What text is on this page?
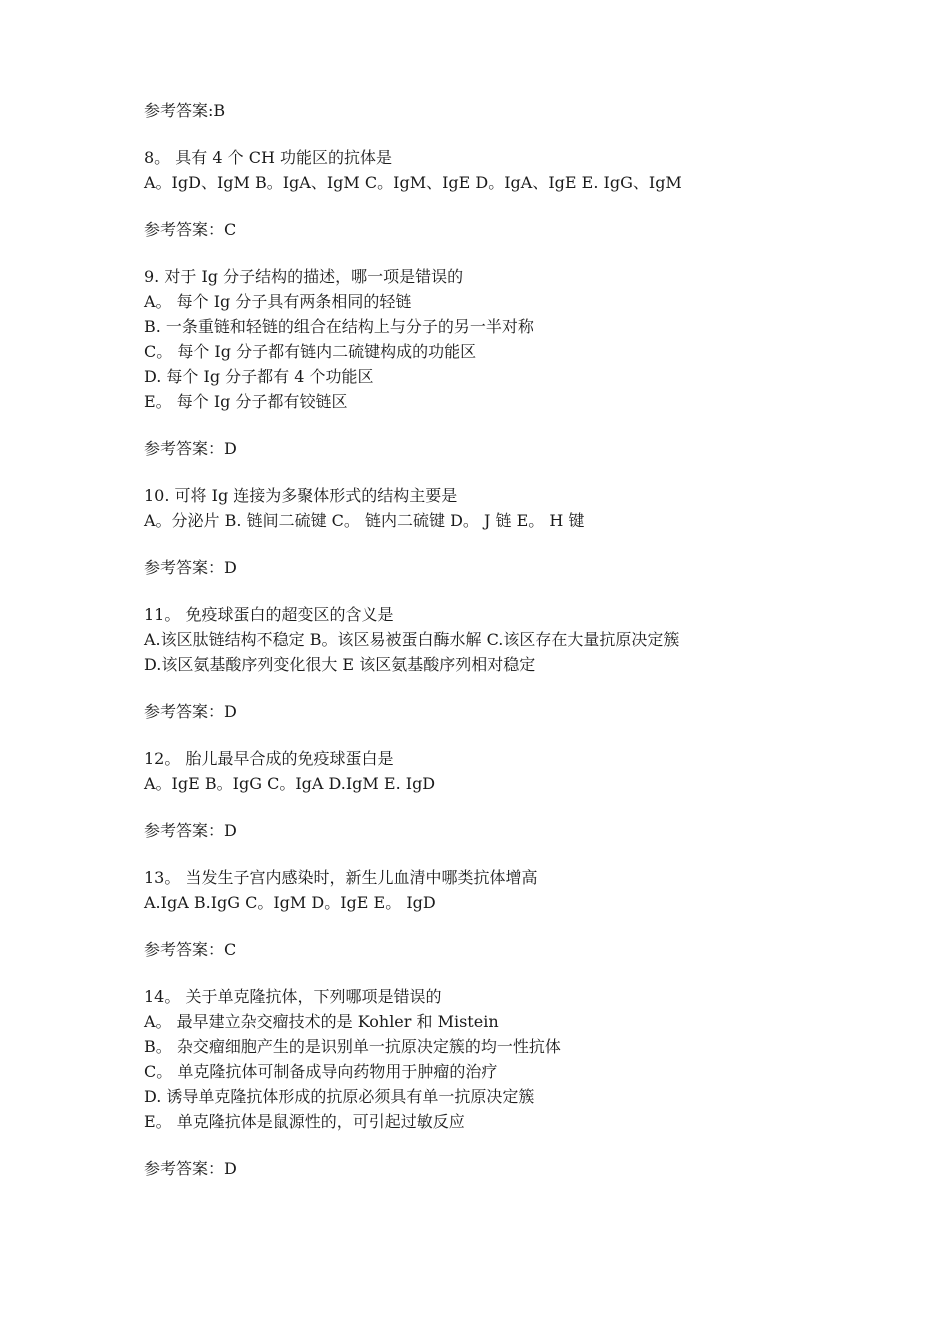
参考答案:B
8。 具有 4 个 CH 功能区的抗体是
A。IgD、IgM B。IgA、IgM C。IgM、IgE D。IgA、IgE E. IgG、IgM
参考答案：C
9. 对于 Ig 分子结构的描述，哪一项是错误的
A。 每个 Ig 分子具有两条相同的轻链
B. 一条重链和轻链的组合在结构上与分子的另一半对称
C。 每个 Ig 分子都有链内二硫键构成的功能区
D. 每个 Ig 分子都有 4 个功能区
E。 每个 Ig 分子都有铰链区
参考答案：D
10. 可将 Ig 连接为多聚体形式的结构主要是
A。分泌片 B. 链间二硫键 C。 链内二硫键 D。 J 链 E。 H 键
参考答案：D
11。 免疫球蛋白的超变区的含义是
A.该区肽链结构不稳定 B。该区易被蛋白酶水解 C.该区存在大量抗原决定簇
D.该区氨基酸序列变化很大 E 该区氨基酸序列相对稳定
参考答案：D
12。 胎儿最早合成的免疫球蛋白是
A。IgE B。IgG C。IgA D.IgM E. IgD
参考答案：D
13。 当发生子宫内感染时，新生儿血清中哪类抗体增高
A.IgA B.IgG C。IgM D。IgE E。 IgD
参考答案：C
14。 关于单克隆抗体，下列哪项是错误的
A。 最早建立杂交瘤技术的是 Kohler 和 Mistein
B。 杂交瘤细胞产生的是识别单一抗原决定簇的均一性抗体
C。 单克隆抗体可制备成导向药物用于肿瘤的治疗
D. 诱导单克隆抗体形成的抗原必须具有单一抗原决定簇
E。 单克隆抗体是鼠源性的，可引起过敏反应
参考答案：D
